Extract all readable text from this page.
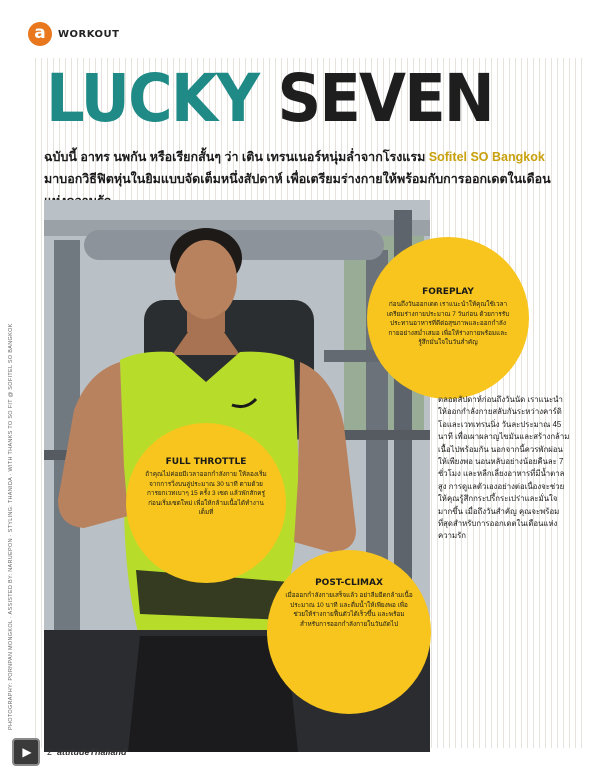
a WORKOUT
LUCKY SEVEN
ฉบับนี้ อาทร นพกัน หรือเรียกสั้นๆ ว่า เติน เทรนเนอร์หนุ่มล่ำจากโรงแรม Sofitel SO Bangkok มาบอกวิธีฟิตหุ่นในยิมแบบจัดเต็มหนึ่งสัปดาห์ เพื่อเตรียมร่างกายให้พร้อมกับการออกเดตในเดือน
PHOTOGRAPHY: PORNPAN MONGKOL · ASSISTED BY: NARUEPON · STYLING: THANIDA · WITH THANKS TO SO FIT @ SOFITEL SO BANGKOK
FOREPLAY

ก่อนถึงวันออกเดต เราแนะนำให้คุณใช้เวลาเตรียมร่างกายประมาณ 7 วันก่อน ด้วยการรับประทานอาหารที่ดีต่อสุขภาพและออกกำลังกายอย่างสม่ำเสมอ เพื่อให้ร่างกายพร้อมและรู้สึกมั่นใจในวันสำคัญ

FULL THROTTLE

ถ้าคุณไม่ค่อยมีเวลาออกกำลังกาย ให้ลองเริ่มจากการวิ่งบนลู่ประมาณ 30 นาที ตามด้วยการยกเวทเบาๆ 15 ครั้ง 3 เซต แล้วพักสักครู่ก่อนเริ่มเซตใหม่ เพื่อให้กล้ามเนื้อได้ทำงานเต็มที่

POST-CLIMAX

เมื่อออกกำลังกายเสร็จแล้ว อย่าลืมยืดกล้ามเนื้อประมาณ 10 นาที และดื่มน้ำให้เพียงพอ เพื่อช่วยให้ร่างกายฟื้นตัวได้เร็วขึ้น และพร้อมสำหรับการออกกำลังกายในวันถัดไป

ตลอดสัปดาห์ก่อนถึงวันนัด เราแนะนำให้ออกกำลังกายสลับกันระหว่างคาร์ดิโอและเวทเทรนนิ่ง วันละประมาณ 45 นาที เพื่อเผาผลาญไขมันและสร้างกล้ามเนื้อไปพร้อมกัน นอกจากนี้ควรพักผ่อนให้เพียงพอ นอนหลับอย่างน้อยคืนละ 7 ชั่วโมง และหลีกเลี่ยงอาหารที่มีน้ำตาลสูง การดูแลตัวเองอย่างต่อเนื่องจะช่วยให้คุณรู้สึกกระปรี้กระเปร่าและมั่นใจมากขึ้น เมื่อถึงวันสำคัญ คุณจะพร้อมที่สุดสำหรับการออกเดตในเดือนแห่งความรัก
▶ 2 attitudeThailand
